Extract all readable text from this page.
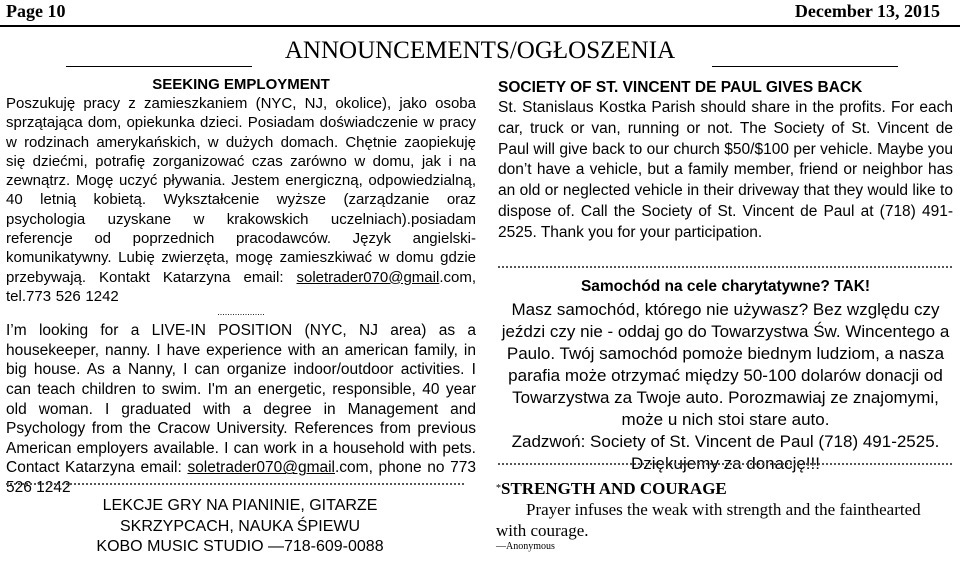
Page 10	December 13, 2015
ANNOUNCEMENTS/OGŁOSZENIA
SEEKING EMPLOYMENT

Poszukuję pracy z zamieszkaniem (NYC, NJ, okolice), jako osoba sprzątająca dom, opiekunka dzieci. Posiadam doświadczenie w pracy w rodzinach amerykańskich, w dużych domach. Chętnie zaopiekuję się dziećmi, potrafię zorganizować czas zarówno w domu, jak i na zewnątrz. Mogę uczyć pływania. Jestem energiczną, odpowiedzialną, 40 letnią kobietą. Wykształcenie wyższe (zarządzanie oraz psychologia uzyskane w krakowskich uczelniach).posiadam referencje od poprzednich pracodawców. Język angielski-komunikatywny. Lubię zwierzęta, mogę zamieszkiwać w domu gdzie przebywają. Kontakt Katarzyna email: soletrader070@gmail.com, tel.773 526 1242

...................

I’m looking for a LIVE-IN POSITION (NYC, NJ area) as a housekeeper, nanny. I have experience with an american family, in big house. As a Nanny, I can organize indoor/outdoor activities. I can teach children to swim. I'm an energetic, responsible, 40 year old woman. I graduated with a degree in Management and Psychology from the Cracow University. References from previous American employers available. I can work in a household with pets. Contact Katarzyna email: soletrader070@gmail.com, phone no 773 526 1242

LEKCJE GRY NA PIANINIE, GITARZE
SKRZYPCACH, NAUKA ŚPIEWU
KOBO MUSIC STUDIO —718-609-0088
SOCIETY OF ST. VINCENT DE PAUL GIVES BACK

St. Stanislaus Kostka Parish should share in the profits. For each car, truck or van, running or not. The Society of St. Vincent de Paul will give back to our church $50/$100 per vehicle. Maybe you don’t have a vehicle, but a family member, friend or neighbor has an old or neglected vehicle in their driveway that they would like to dispose of. Call the Society of St. Vincent de Paul at (718) 491-2525. Thank you for your participation.

Samochód na cele charytatywne? TAK!
Masz samochód, którego nie używasz? Bez względu czy
jeździ czy nie - oddaj go do Towarzystwa Św. Wincentego a
Paulo. Twój samochód pomoże biednym ludziom, a nasza
parafia może otrzymać między 50-100 dolarów donacji od
Towarzystwa za Twoje auto. Porozmawiaj ze znajomymi,
może u nich stoi stare auto.
Zadzwoń: Society of St. Vincent de Paul (718) 491-2525.
Dziękujemy za donację!!!
*STRENGTH AND COURAGE

Prayer infuses the weak with strength and the fainthearted with courage.

—Anonymous
